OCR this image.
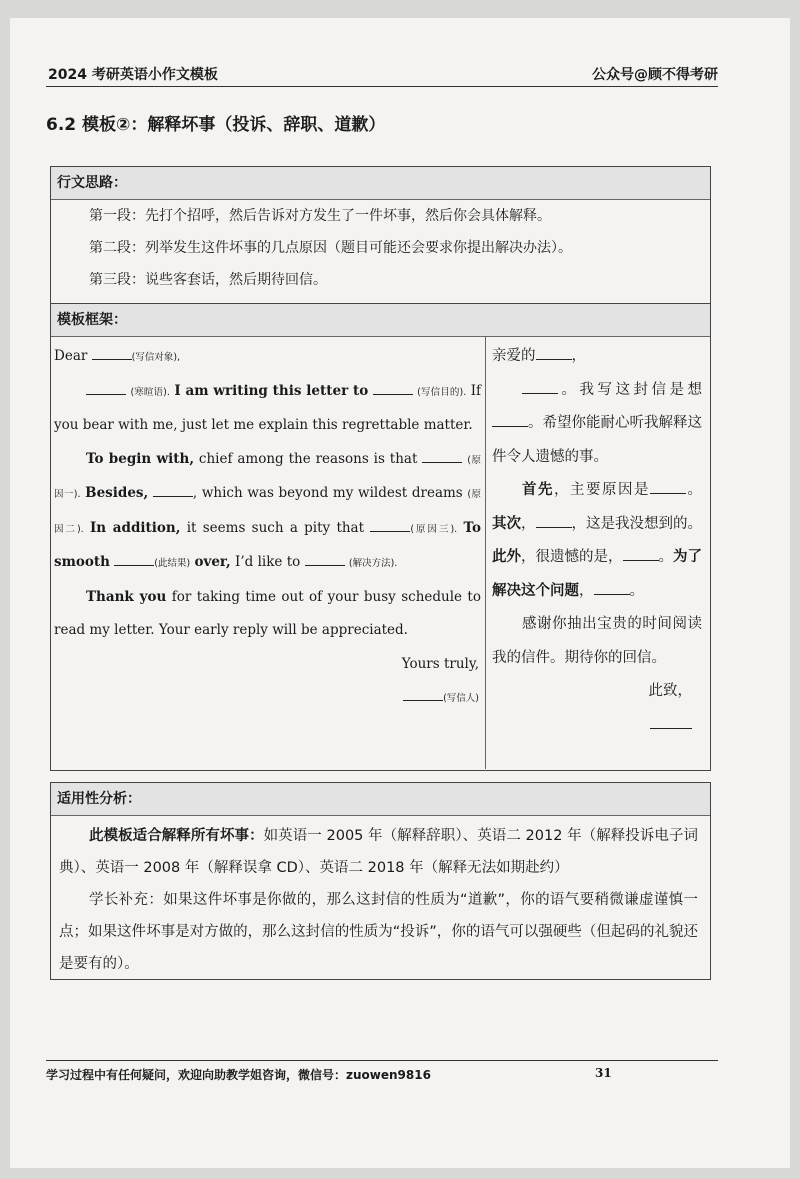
2024 考研英语小作文模板	公众号@顾不得考研
6.2 模板②：解释坏事（投诉、辞职、道歉）
行文思路：
第一段：先打个招呼，然后告诉对方发生了一件坏事，然后你会具体解释。
第二段：列举发生这件坏事的几点原因（题目可能还会要求你提出解决办法）。
第三段：说些客套话，然后期待回信。
模板框架：

Dear	(写信对象),

(寒暄语). I am writing this letter to	(写信目的). If you bear with me, just let me explain this regrettable matter.

To begin with, chief among the reasons is that	(原因一). Besides,	, which was beyond my wildest dreams (原因二). In addition, it seems such a pity that	(原因三). To smooth	(此结果) over, I’d like to	(解决方法).

Thank you for taking time out of your busy schedule to read my letter. Your early reply will be appreciated.

Yours truly,

(写信人)

亲爱的 ，

。我写这封信是想。希望你能耐心听我解释这件令人遗憾的事。

首先，主要原因是 。其次， ，这是我没想到的。此外，很遗憾的是， 。为了解决这个问题， 。

感谢你抽出宝贵的时间阅读我的信件。期待你的回信。

此致，

适用性分析：

此模板适合解释所有坏事：如英语一 2005 年（解释辞职）、英语二 2012 年（解释投诉电子词典）、英语一 2008 年（解释误拿 CD）、英语二 2018 年（解释无法如期赴约）

学长补充：如果这件坏事是你做的，那么这封信的性质为“道歉”，你的语气要稍微谦虚谨慎一点；如果这件坏事是对方做的，那么这封信的性质为“投诉”，你的语气可以强硬些（但起码的礼貌还是要有的）。

学习过程中有任何疑问，欢迎向助教学姐咨询，微信号：zuowen9816	31
